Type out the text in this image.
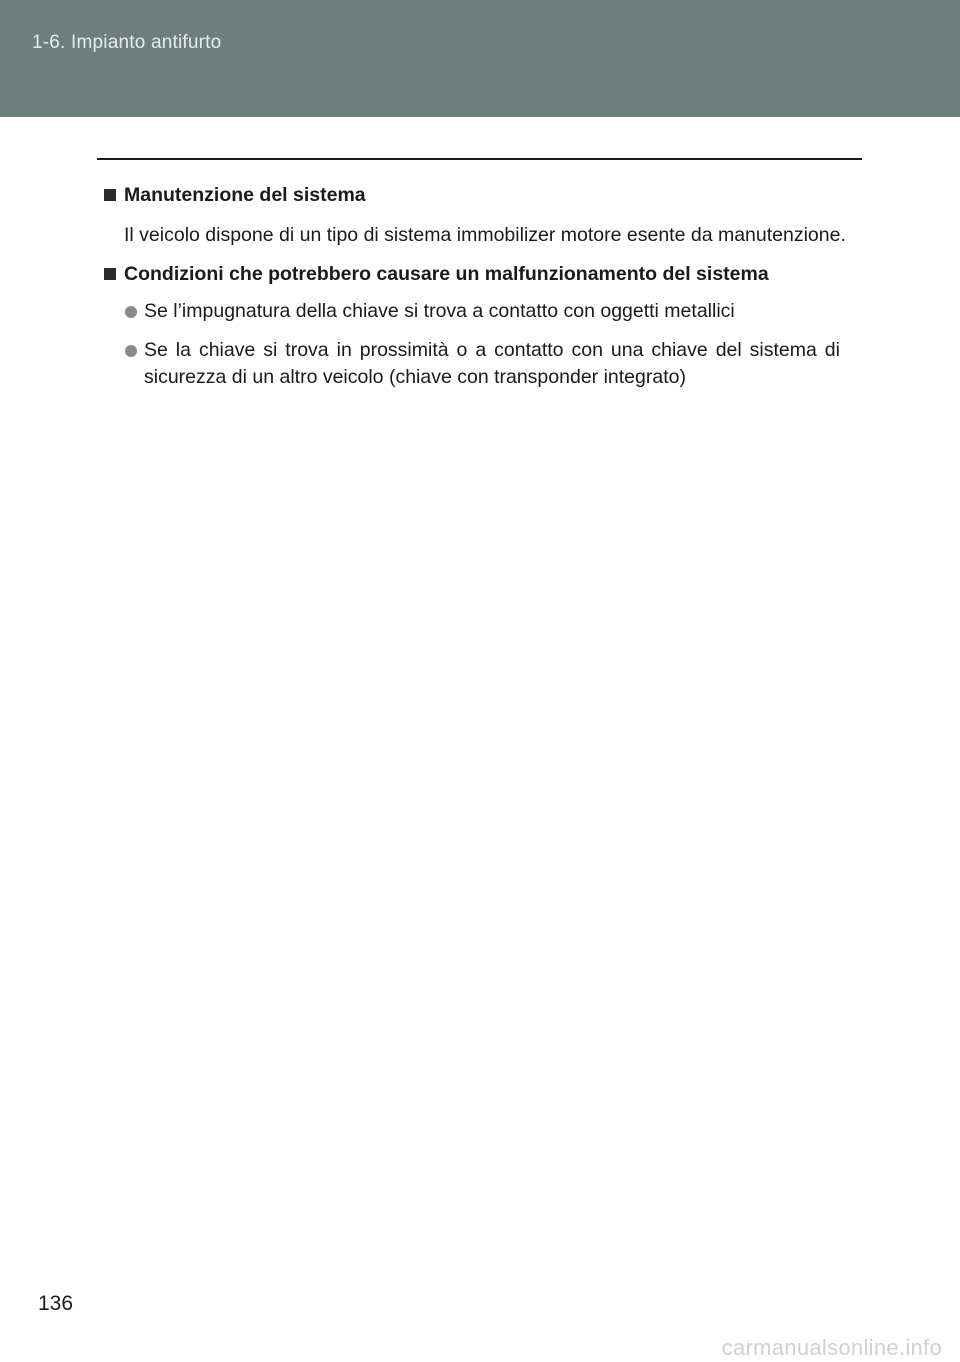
1-6. Impianto antifurto
Manutenzione del sistema
Il veicolo dispone di un tipo di sistema immobilizer motore esente da manutenzione.
Condizioni che potrebbero causare un malfunzionamento del sistema
Se l’impugnatura della chiave si trova a contatto con oggetti metallici
Se la chiave si trova in prossimità o a contatto con una chiave del sistema di sicurezza di un altro veicolo (chiave con transponder integrato)
136
carmanualsonline.info
